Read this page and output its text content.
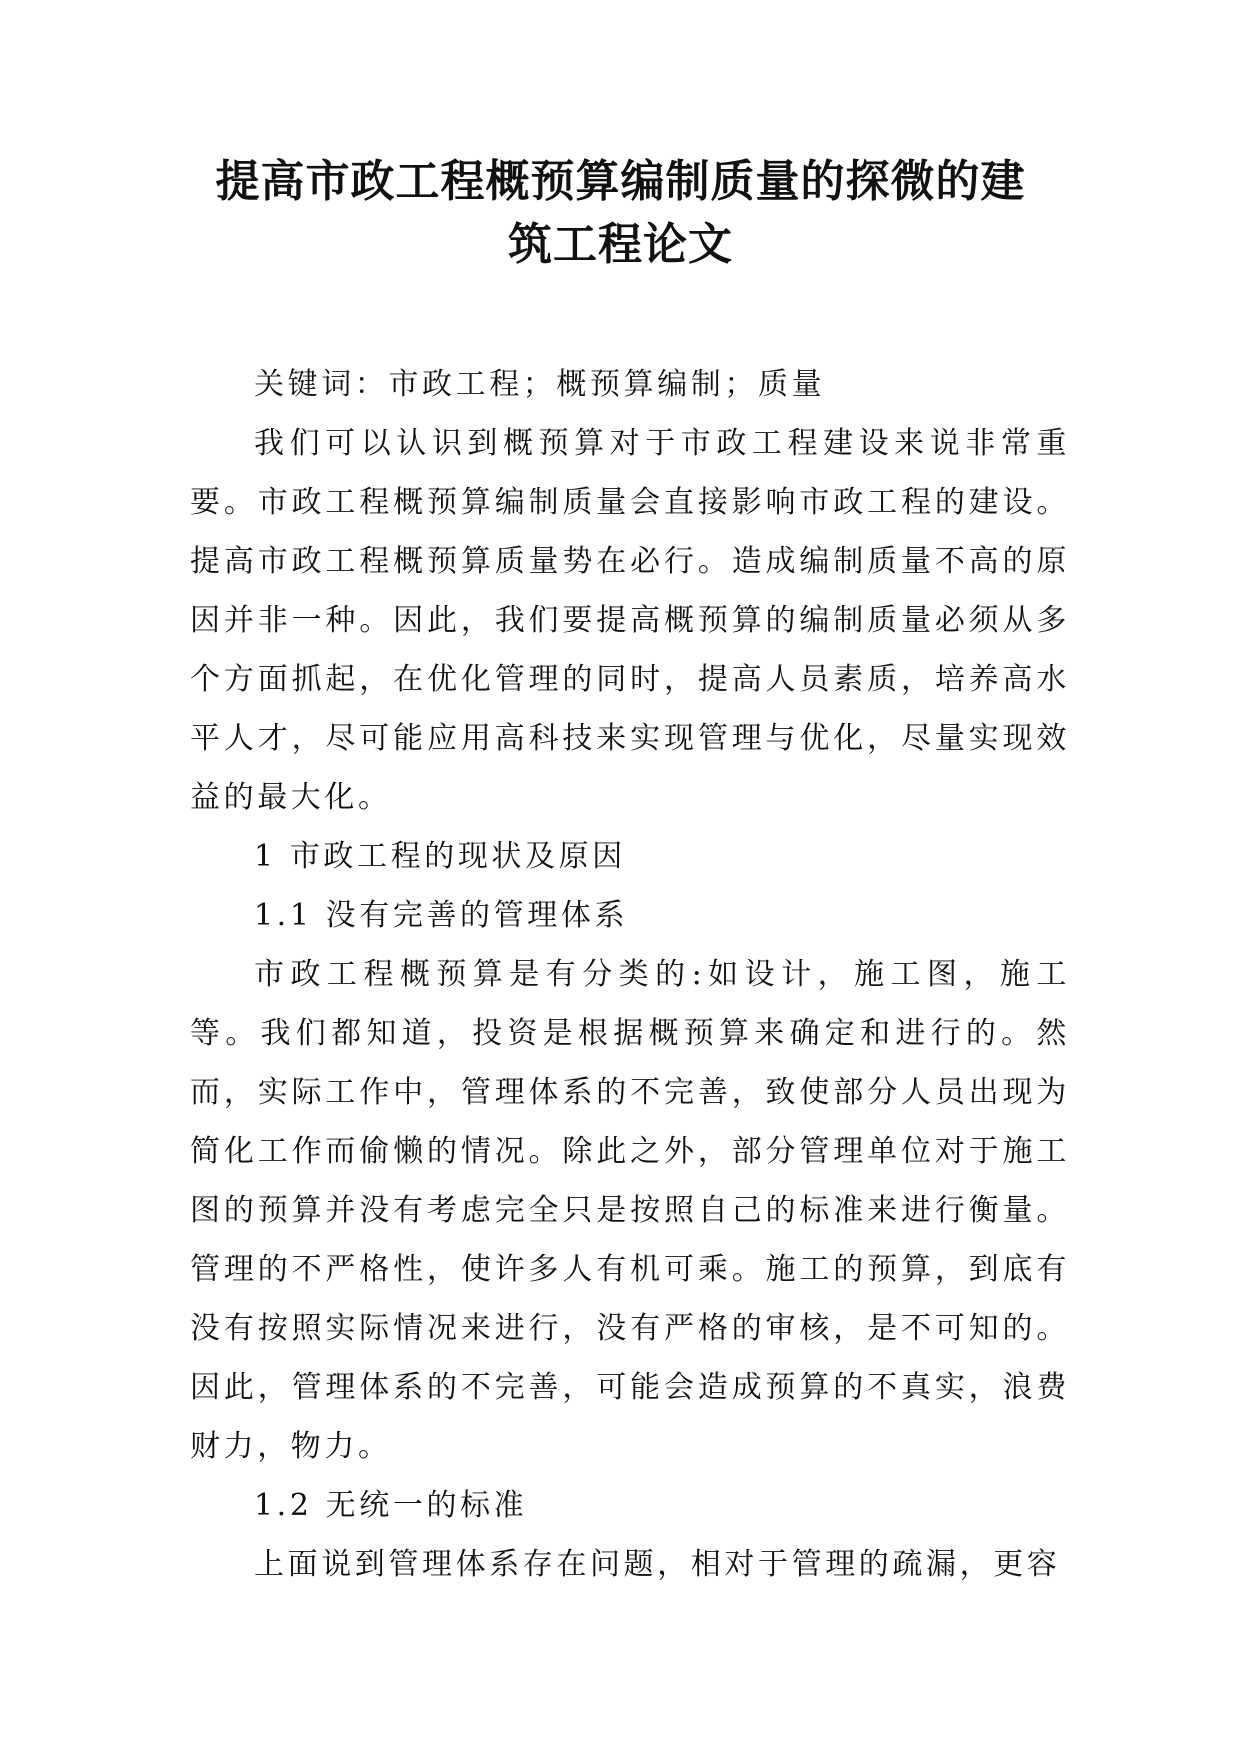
提高市政工程概预算编制质量的探微的建
筑工程论文

关键词：市政工程；概预算编制；质量

我们可以认识到概预算对于市政工程建设来说非常重要。市政工程概预算编制质量会直接影响市政工程的建设。提高市政工程概预算质量势在必行。造成编制质量不高的原因并非一种。因此，我们要提高概预算的编制质量必须从多个方面抓起，在优化管理的同时，提高人员素质，培养高水平人才，尽可能应用高科技来实现管理与优化，尽量实现效益的最大化。

1 市政工程的现状及原因

1.1 没有完善的管理体系

市政工程概预算是有分类的:如设计，施工图，施工等。我们都知道，投资是根据概预算来确定和进行的。然而，实际工作中，管理体系的不完善，致使部分人员出现为简化工作而偷懒的情况。除此之外，部分管理单位对于施工图的预算并没有考虑完全只是按照自己的标准来进行衡量。管理的不严格性，使许多人有机可乘。施工的预算，到底有没有按照实际情况来进行，没有严格的审核，是不可知的。因此，管理体系的不完善，可能会造成预算的不真实，浪费财力，物力。

1.2 无统一的标准

上面说到管理体系存在问题，相对于管理的疏漏，更容
